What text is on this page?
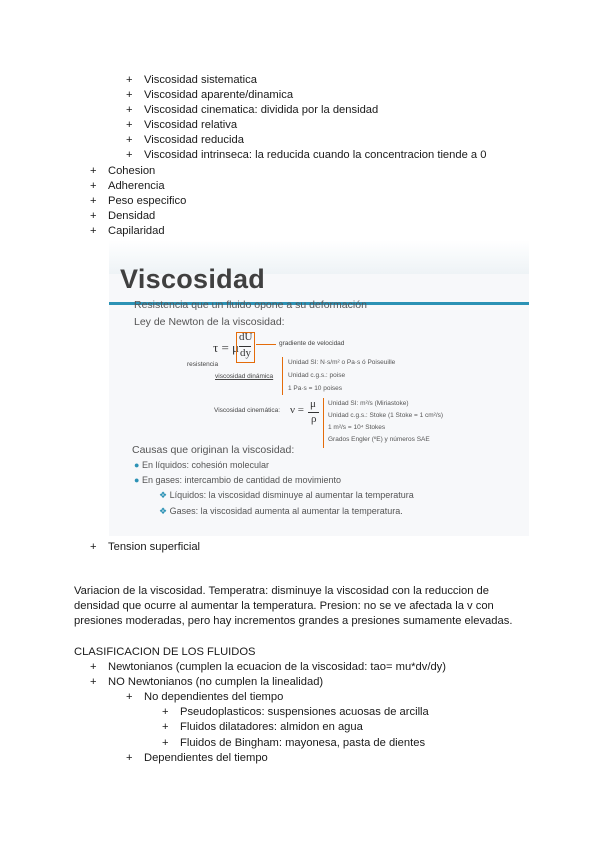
+ Viscosidad sistematica
+ Viscosidad aparente/dinamica
+ Viscosidad cinematica: dividida por la densidad
+ Viscosidad relativa
+ Viscosidad reducida
+ Viscosidad intrinseca: la reducida cuando la concentracion tiende a 0
+ Cohesion
+ Adherencia
+ Peso especifico
+ Densidad
+ Capilaridad
Viscosidad
Resistencia que un fluido opone a su deformación
Ley de Newton de la viscosidad:
τ = μ
dU
dy
gradiente de velocidad
resistencia
viscosidad dinámica
Unidad SI: N·s/m² o Pa·s ó Poiseuille
Unidad c.g.s.: poise
1 Pa·s = 10 poises
Viscosidad cinemática: ν = μ
ρ
Unidad SI: m²/s (Miriastoke)
Unidad c.g.s.: Stoke (1 Stoke = 1 cm²/s)
1 m²/s = 10⁴ Stokes
Grados Engler (ºE) y números SAE
Causas que originan la viscosidad:
● En líquidos: cohesión molecular
● En gases: intercambio de cantidad de movimiento
❖ Líquidos: la viscosidad disminuye al aumentar la temperatura
❖ Gases: la viscosidad aumenta al aumentar la temperatura.
+ Tension superficial
Variacion de la viscosidad. Temperatra: disminuye la viscosidad con la reduccion de densidad que ocurre al aumentar la temperatura. Presion: no se ve afectada la v con presiones moderadas, pero hay incrementos grandes a presiones sumamente elevadas.
CLASIFICACION DE LOS FLUIDOS
+ Newtonianos (cumplen la ecuacion de la viscosidad: tao= mu*dv/dy)
+ NO Newtonianos (no cumplen la linealidad)
+ No dependientes del tiempo
+ Pseudoplasticos: suspensiones acuosas de arcilla
+ Fluidos dilatadores: almidon en agua
+ Fluidos de Bingham: mayonesa, pasta de dientes
+ Dependientes del tiempo
